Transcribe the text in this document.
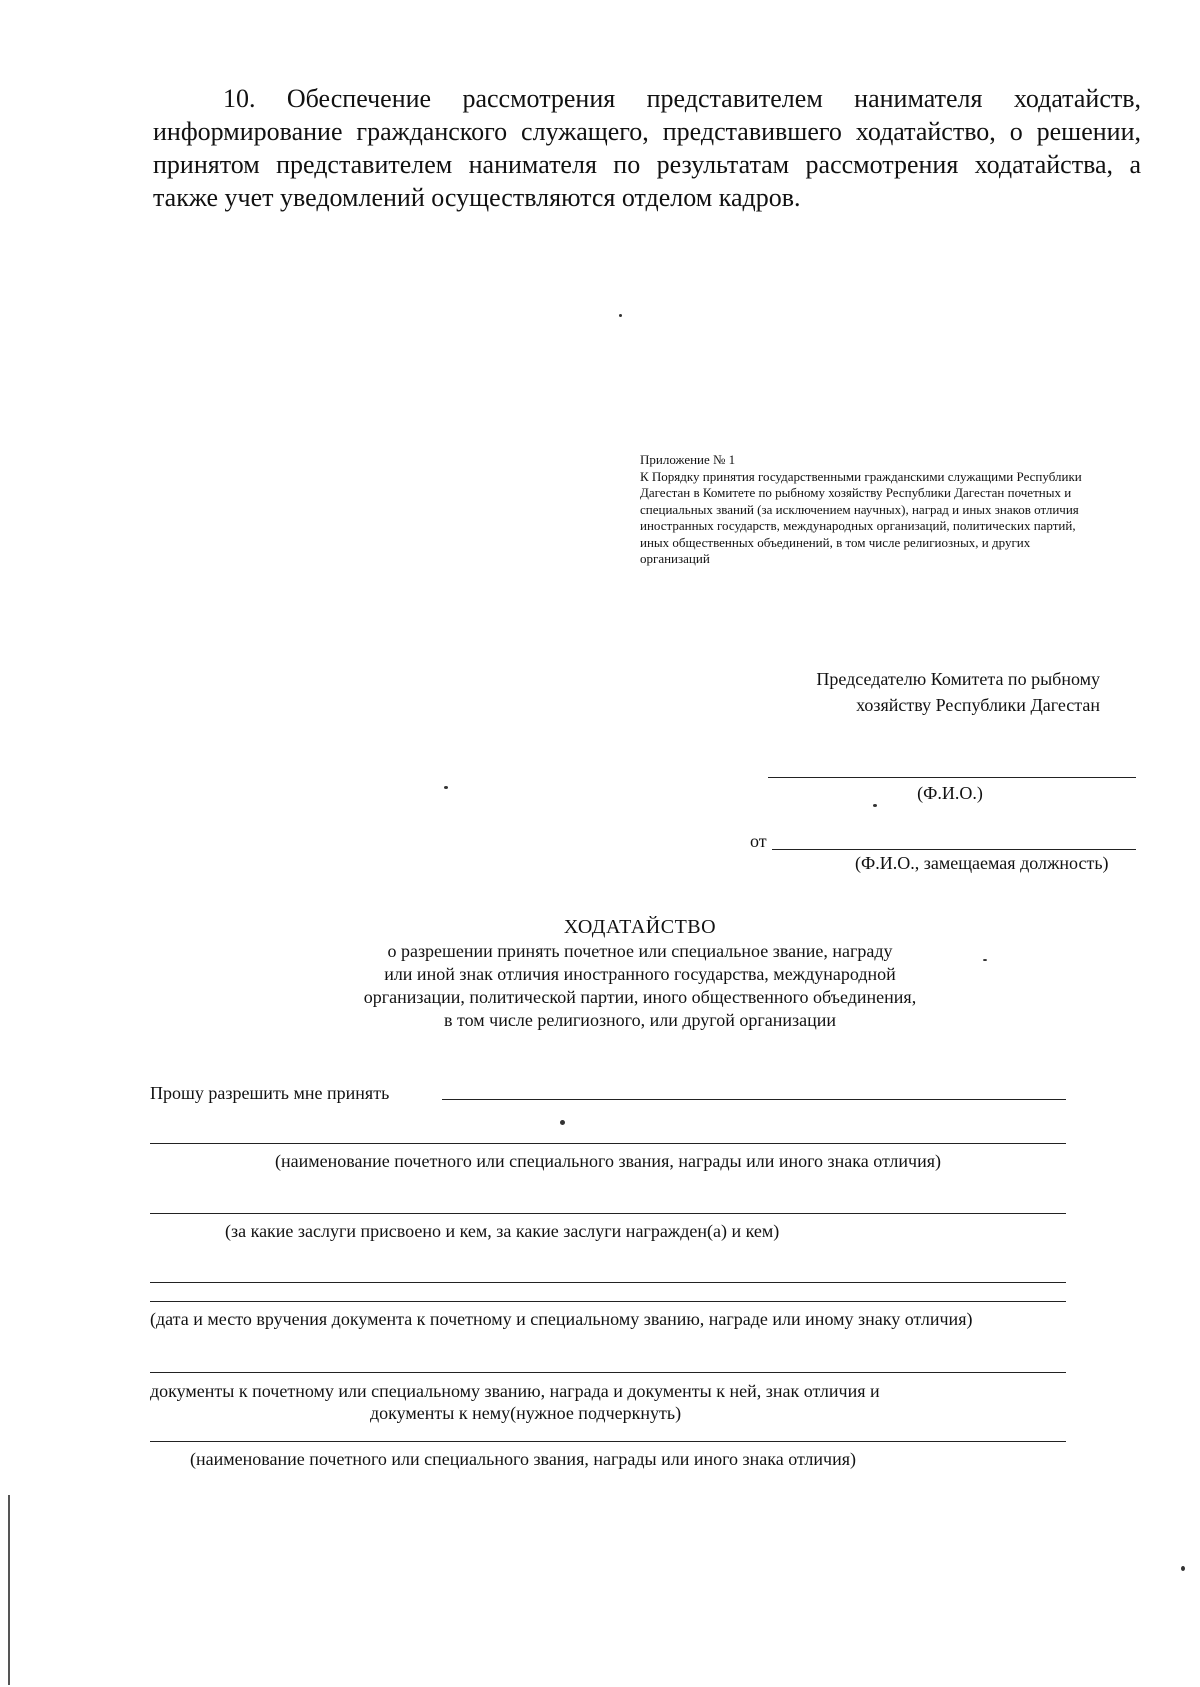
10. Обеспечение рассмотрения представителем нанимателя ходатайств, информирование гражданского служащего, представившего ходатайство, о решении, принятом представителем нанимателя по результатам рассмотрения ходатайства, а также учет уведомлений осуществляются отделом кадров.

Приложение № 1
К Порядку принятия государственными гражданскими служащими Республики Дагестан в Комитете по рыбному хозяйству Республики Дагестан почетных и специальных званий (за исключением научных), наград и иных знаков отличия иностранных государств, международных организаций, политических партий, иных общественных объединений, в том числе религиозных, и других организаций
Председателю Комитета по рыбному
хозяйству Республики Дагестан
(Ф.И.О.)
от
(Ф.И.О., замещаемая должность)
ХОДАТАЙСТВО
о разрешении принять почетное или специальное звание, награду
или иной знак отличия иностранного государства, международной
организации, политической партии, иного общественного объединения,
в том числе религиозного, или другой организации
Прошу разрешить мне принять
(наименование почетного или специального звания, награды или иного знака отличия)
(за какие заслуги присвоено и кем, за какие заслуги награжден(а) и кем)
(дата и место вручения документа к почетному и специальному званию, награде или иному знаку отличия)
документы к почетному или специальному званию, награда и документы к ней, знак отличия и
документы к нему(нужное подчеркнуть)
(наименование почетного или специального звания, награды или иного знака отличия)
